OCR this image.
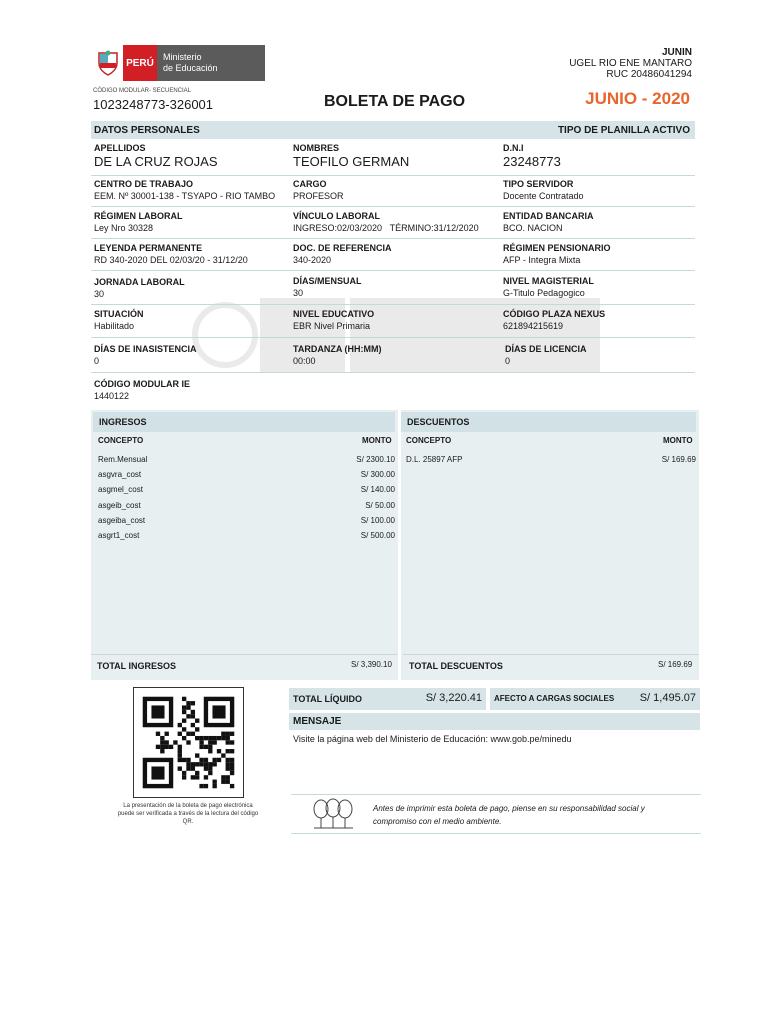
PERÚ
Ministerio
de Educación
JUNIN
UGEL RIO ENE MANTARO
RUC 20486041294
CÓDIGO MODULAR- SECUENCIAL
1023248773-326001	BOLETA DE PAGO	JUNIO - 2020
DATOS PERSONALES	TIPO DE PLANILLA ACTIVO
APELLIDOS
DE LA CRUZ ROJAS
NOMBRES
TEOFILO GERMAN
D.N.I
23248773
CENTRO DE TRABAJO
EEM. Nº 30001-138 - TSYAPO - RIO TAMBO
CARGO
PROFESOR
TIPO SERVIDOR
Docente Contratado
RÉGIMEN LABORAL
Ley Nro 30328
VÍNCULO LABORAL
INGRESO:02/03/2020 TÉRMINO:31/12/2020
ENTIDAD BANCARIA
BCO. NACION
LEYENDA PERMANENTE
RD 340-2020 DEL 02/03/20 - 31/12/20
DOC. DE REFERENCIA
340-2020
RÉGIMEN PENSIONARIO
AFP - Integra Mixta
JORNADA LABORAL
30
DÍAS/MENSUAL
30
NIVEL MAGISTERIAL
G-Titulo Pedagogico
SITUACIÓN
Habilitado
NIVEL EDUCATIVO
EBR Nivel Primaria
CÓDIGO PLAZA NEXUS
621894215619
DÍAS DE INASISTENCIA
0
TARDANZA (HH:MM)
00:00
DÍAS DE LICENCIA
0
CÓDIGO MODULAR IE
1440122
INGRESOS	DESCUENTOS
CONCEPTO	MONTO CONCEPTO	MONTO
Rem.Mensual	S/ 2300.10
asgvra_cost	S/ 300.00
asgmel_cost	S/ 140.00
asgeib_cost	S/ 50.00
asgeiba_cost	S/ 100.00
asgrt1_cost	S/ 500.00
D.L. 25897 AFP	S/ 169.69
TOTAL INGRESOS	S/ 3,390.10 TOTAL DESCUENTOS	S/ 169.69
La presentación de la boleta de pago electrónica puede ser verificada a través de la lectura del código QR.
TOTAL LÍQUIDO	S/ 3,220.41 AFECTO A CARGAS SOCIALES S/ 1,495.07
MENSAJE
Visite la página web del Ministerio de Educación: www.gob.pe/minedu
Antes de imprimir esta boleta de pago, piense en su responsabilidad social y
compromiso con el medio ambiente.
